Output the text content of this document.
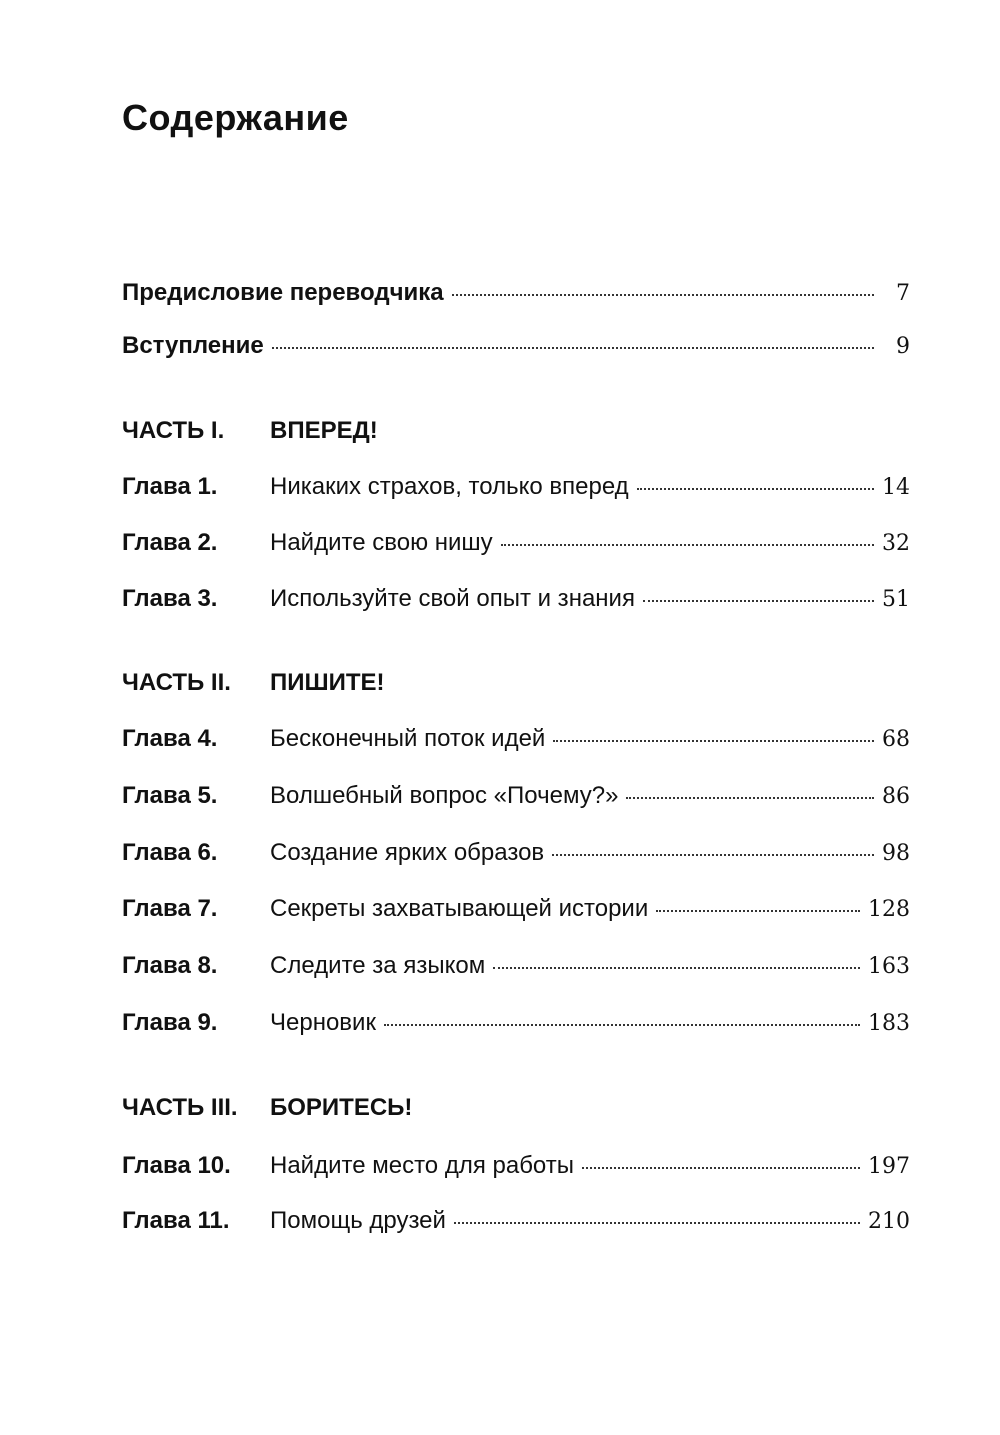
Содержание
Предисловие переводчика	7
Вступление	9
ЧАСТЬ I.	ВПЕРЕД!
Глава 1.	Никаких страхов, только вперед	14
Глава 2.	Найдите свою нишу	32
Глава 3.	Используйте свой опыт и знания	51
ЧАСТЬ II.	ПИШИТЕ!
Глава 4.	Бесконечный поток идей	68
Глава 5.	Волшебный вопрос «Почему?»	86
Глава 6.	Создание ярких образов	98
Глава 7.	Секреты захватывающей истории	128
Глава 8.	Следите за языком	163
Глава 9.	Черновик	183
ЧАСТЬ III.	БОРИТЕСЬ!
Глава 10.	Найдите место для работы	197
Глава 11.	Помощь друзей	210
